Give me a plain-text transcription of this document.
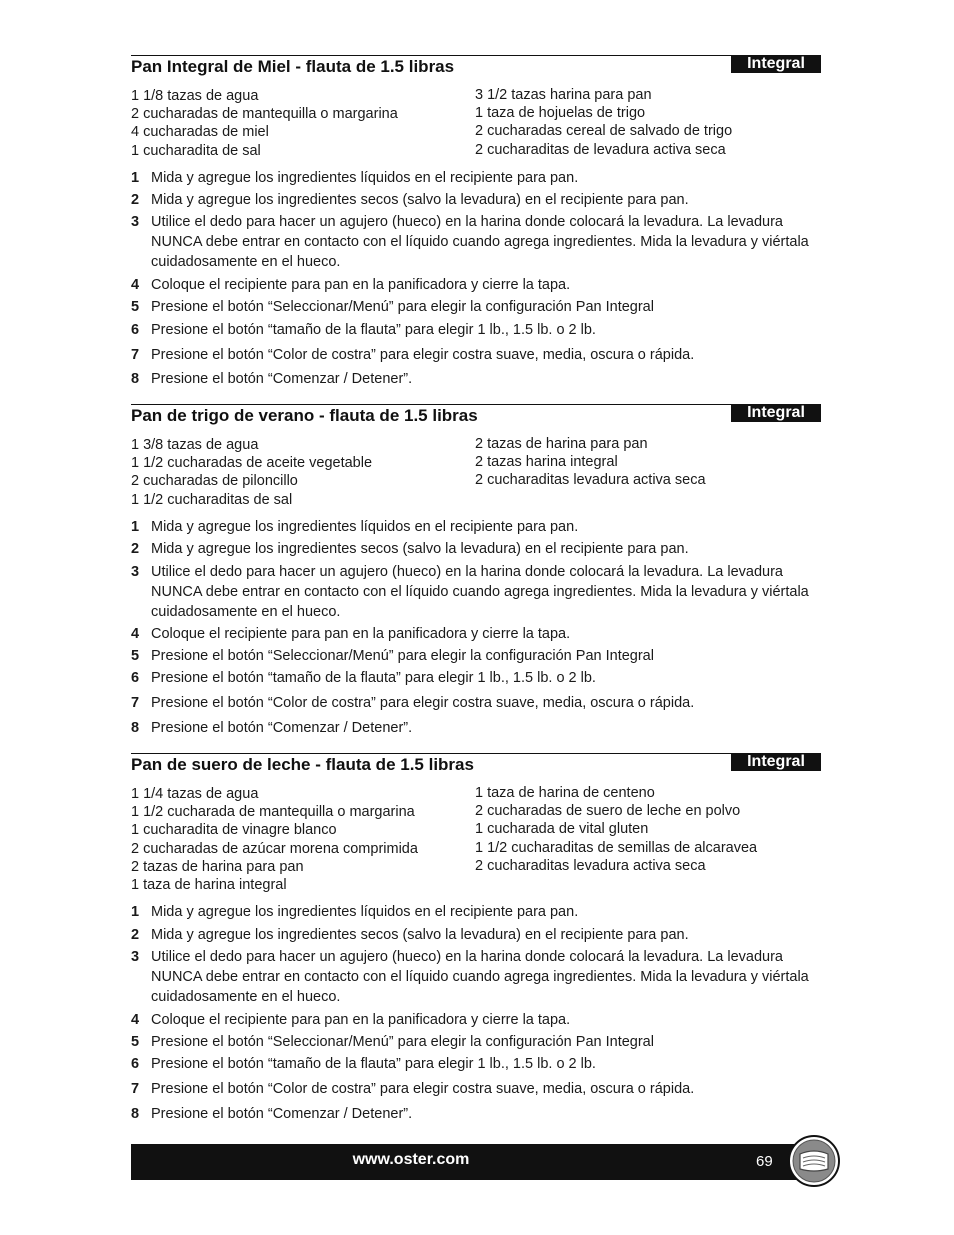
Pan Integral de Miel - flauta de 1.5 libras	Integral
1 1/8 tazas de agua
2 cucharadas de mantequilla o margarina
4 cucharadas de miel
1 cucharadita de sal
3 1/2 tazas harina para pan
1 taza de hojuelas de trigo
2 cucharadas cereal de salvado de trigo
2 cucharaditas de levadura activa seca
1 Mida y agregue los ingredientes líquidos en el recipiente para pan.
2 Mida y agregue los ingredientes secos (salvo la levadura) en el recipiente para pan.
3 Utilice el dedo para hacer un agujero (hueco) en la harina donde colocará la levadura. La levadura NUNCA debe entrar en contacto con el líquido cuando agrega ingredientes. Mida la levadura y viértala cuidadosamente en el hueco.
4 Coloque el recipiente para pan en la panificadora y cierre la tapa.
5 Presione el botón “Seleccionar/Menú” para elegir la configuración Pan Integral
6 Presione el botón “tamaño de la flauta” para elegir 1 lb., 1.5 lb. o 2 lb.
7 Presione el botón “Color de costra” para elegir costra suave, media, oscura o rápida.
8 Presione el botón “Comenzar / Detener”.
Pan de trigo de verano - flauta de 1.5 libras	Integral
1 3/8 tazas de agua
1 1/2 cucharadas de aceite vegetable
2 cucharadas de piloncillo
1 1/2 cucharaditas de sal
2 tazas de harina para pan
2 tazas harina integral
2 cucharaditas levadura activa seca
1 Mida y agregue los ingredientes líquidos en el recipiente para pan.
2 Mida y agregue los ingredientes secos (salvo la levadura) en el recipiente para pan.
3 Utilice el dedo para hacer un agujero (hueco) en la harina donde colocará la levadura. La levadura NUNCA debe entrar en contacto con el líquido cuando agrega ingredientes. Mida la levadura y viértala cuidadosamente en el hueco.
4 Coloque el recipiente para pan en la panificadora y cierre la tapa.
5 Presione el botón “Seleccionar/Menú” para elegir la configuración Pan Integral
6 Presione el botón “tamaño de la flauta” para elegir 1 lb., 1.5 lb. o 2 lb.
7 Presione el botón “Color de costra” para elegir costra suave, media, oscura o rápida.
8 Presione el botón “Comenzar / Detener”.
Pan de suero de leche - flauta de 1.5 libras	Integral
1 1/4 tazas de agua
1 1/2 cucharada de mantequilla o margarina
1 cucharadita de vinagre blanco
2 cucharadas de azúcar morena comprimida
2 tazas de harina para pan
1 taza de harina integral
1 taza de harina de centeno
2 cucharadas de suero de leche en polvo
1 cucharada de vital gluten
1 1/2 cucharaditas de semillas de alcaravea
2 cucharaditas levadura activa seca
1 Mida y agregue los ingredientes líquidos en el recipiente para pan.
2 Mida y agregue los ingredientes secos (salvo la levadura) en el recipiente para pan.
3 Utilice el dedo para hacer un agujero (hueco) en la harina donde colocará la levadura. La levadura NUNCA debe entrar en contacto con el líquido cuando agrega ingredientes. Mida la levadura y viértala cuidadosamente en el hueco.
4 Coloque el recipiente para pan en la panificadora y cierre la tapa.
5 Presione el botón “Seleccionar/Menú” para elegir la configuración Pan Integral
6 Presione el botón “tamaño de la flauta” para elegir 1 lb., 1.5 lb. o 2 lb.
7 Presione el botón “Color de costra” para elegir costra suave, media, oscura o rápida.
8 Presione el botón “Comenzar / Detener”.
www.oster.com	69
